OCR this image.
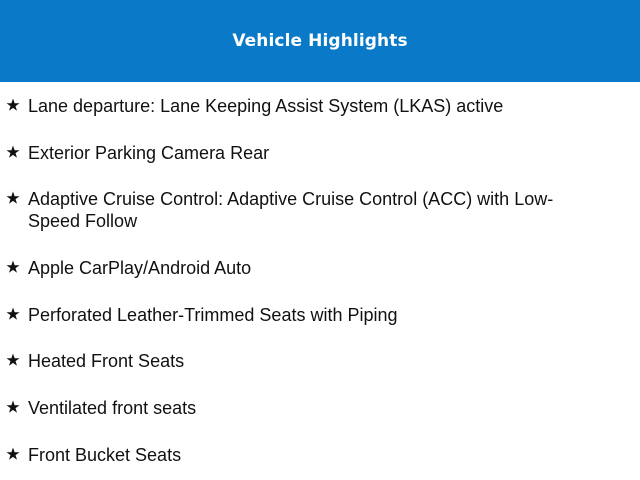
Vehicle Highlights
Lane departure: Lane Keeping Assist System (LKAS) active
Exterior Parking Camera Rear
Adaptive Cruise Control: Adaptive Cruise Control (ACC) with Low-Speed Follow
Apple CarPlay/Android Auto
Perforated Leather-Trimmed Seats with Piping
Heated Front Seats
Ventilated front seats
Front Bucket Seats
